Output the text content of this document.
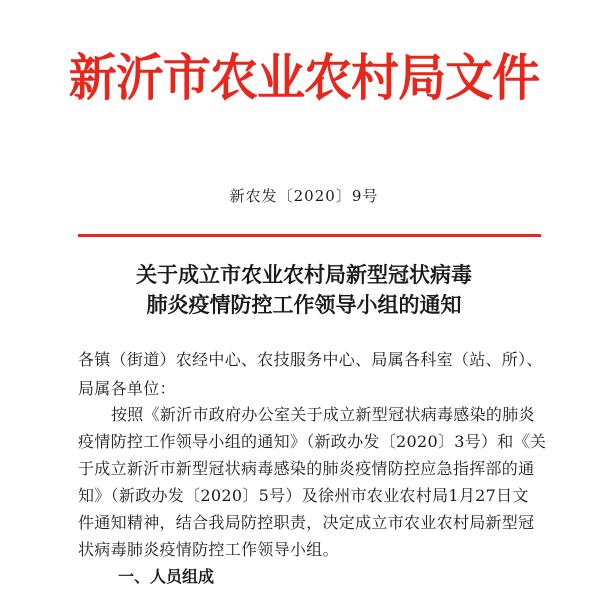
新沂市农业农村局文件
新农发〔2020〕9号
关于成立市农业农村局新型冠状病毒
肺炎疫情防控工作领导小组的通知
各镇（街道）农经中心、农技服务中心、局属各科室（站、所）、
局属各单位：
按照《新沂市政府办公室关于成立新型冠状病毒感染的肺炎
疫情防控工作领导小组的通知》（新政办发〔2020〕3号）和《关
于成立新沂市新型冠状病毒感染的肺炎疫情防控应急指挥部的通
知》（新政办发〔2020〕5号）及徐州市农业农村局1月27日文
件通知精神，结合我局防控职责，决定成立市农业农村局新型冠
状病毒肺炎疫情防控工作领导小组。
一、人员组成
